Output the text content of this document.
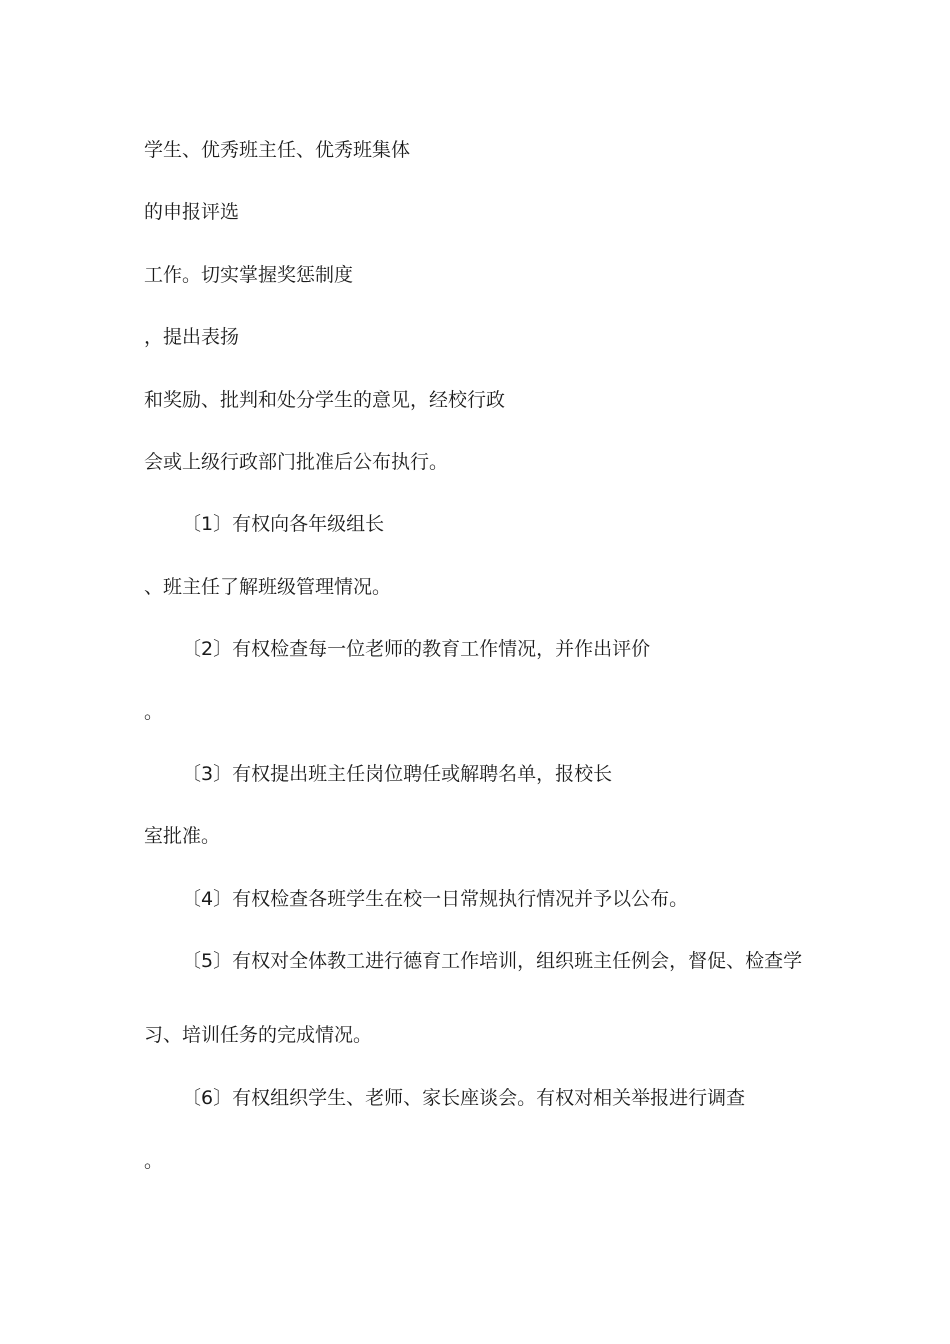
学生、优秀班主任、优秀班集体

的申报评选

工作。切实掌握奖惩制度

，提出表扬

和奖励、批判和处分学生的意见，经校行政

会或上级行政部门批准后公布执行。

〔1〕有权向各年级组长

、班主任了解班级管理情况。

〔2〕有权检查每一位老师的教育工作情况，并作出评价

。

〔3〕有权提出班主任岗位聘任或解聘名单，报校长

室批准。

〔4〕有权检查各班学生在校一日常规执行情况并予以公布。

〔5〕有权对全体教工进行德育工作培训，组织班主任例会，督促、检查学

习、培训任务的完成情况。

〔6〕有权组织学生、老师、家长座谈会。有权对相关举报进行调查

。
